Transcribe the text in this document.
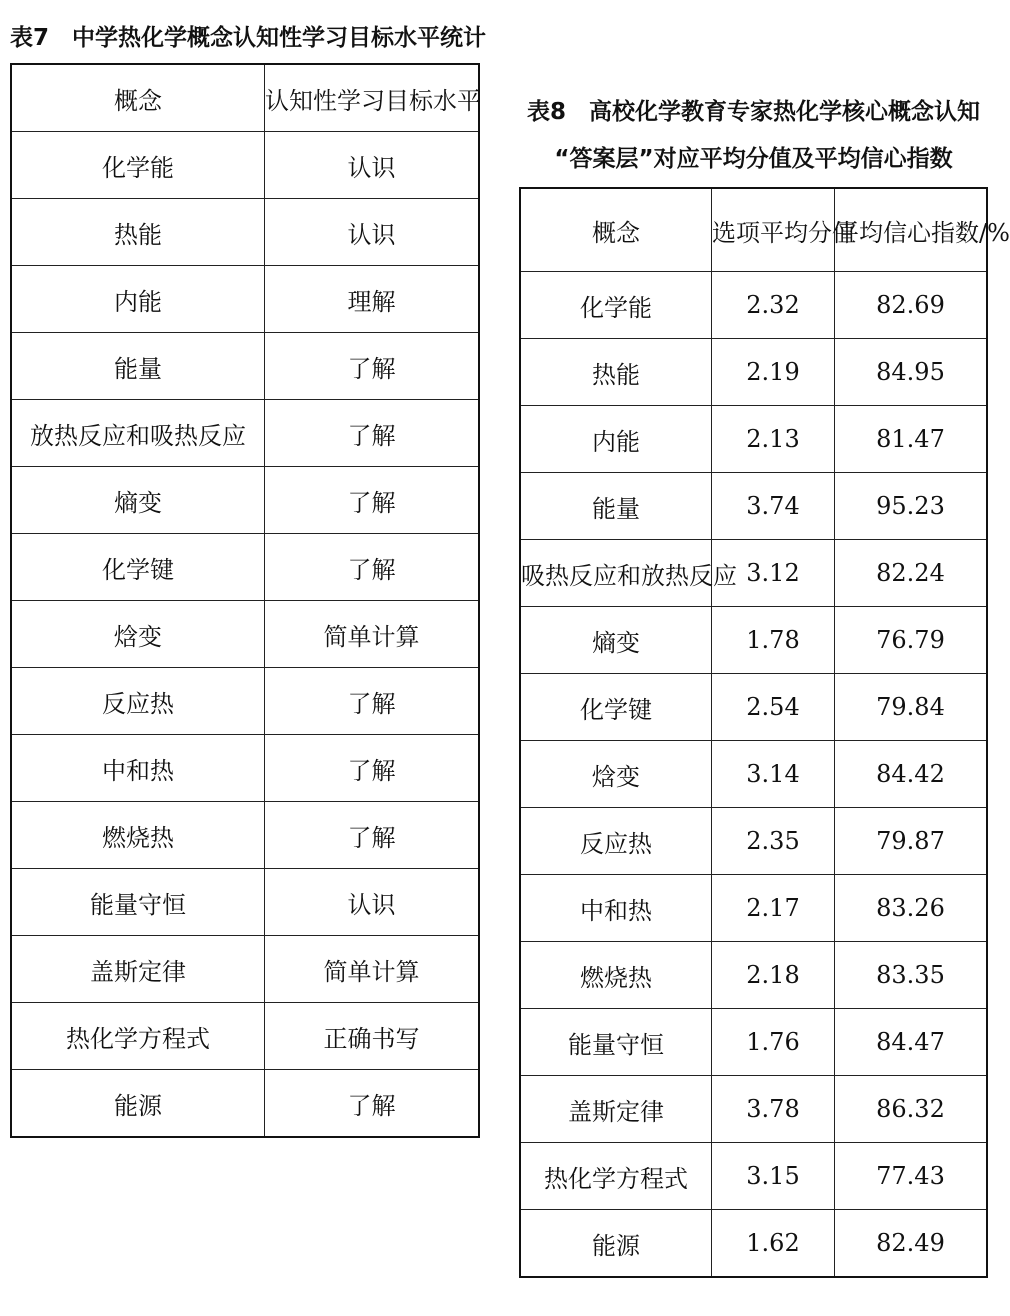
表7　中学热化学概念认知性学习目标水平统计
概念	认知性学习目标水平
化学能	认识
热能	认识
内能	理解
能量	了解
放热反应和吸热反应	了解
熵变	了解
化学键	了解
焓变	简单计算
反应热	了解
中和热	了解
燃烧热	了解
能量守恒	认识
盖斯定律	简单计算
热化学方程式	正确书写
能源	了解
表8　高校化学教育专家热化学核心概念认知
“答案层”对应平均分值及平均信心指数
概念	选项平均分值	平均信心指数/%
化学能	2.32	82.69
热能	2.19	84.95
内能	2.13	81.47
能量	3.74	95.23
吸热反应和放热反应	3.12	82.24
熵变	1.78	76.79
化学键	2.54	79.84
焓变	3.14	84.42
反应热	2.35	79.87
中和热	2.17	83.26
燃烧热	2.18	83.35
能量守恒	1.76	84.47
盖斯定律	3.78	86.32
热化学方程式	3.15	77.43
能源	1.62	82.49
